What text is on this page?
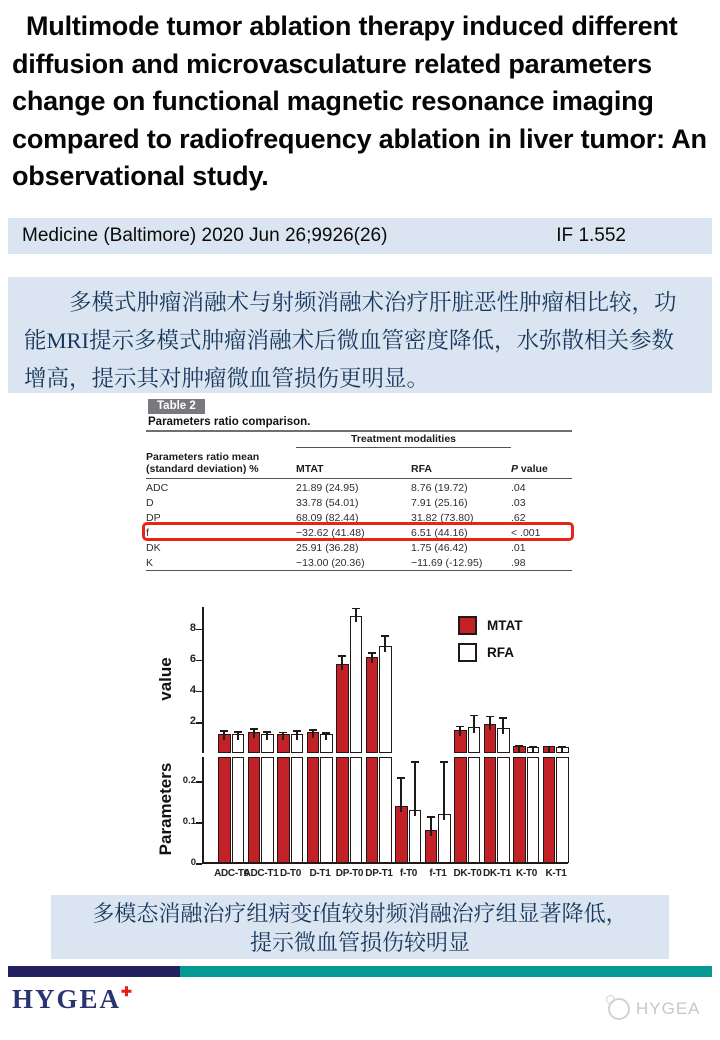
Multimode tumor ablation therapy induced different diffusion and microvasculature related parameters change on functional magnetic resonance imaging compared to radiofrequency ablation in liver tumor: An observational study.
Medicine (Baltimore) 2020 Jun 26;9926(26)	IF 1.552

多模式肿瘤消融术与射频消融术治疗肝脏恶性肿瘤相比较，功能MRI提示多模式肿瘤消融术后微血管密度降低，水弥散相关参数增高，提示其对肿瘤微血管损伤更明显。

Table 2
Parameters ratio comparison.
	Treatment modalities		
Parameters ratio mean (standard deviation) %	MTAT	RFA	P value
ADC	21.89 (24.95)	8.76 (19.72)	.04
D	33.78 (54.01)	7.91 (25.16)	.03
DP	68.09 (82.44)	31.82 (73.80)	.62
f	−32.62 (41.48)	6.51 (44.16)	< .001
DK	25.91 (36.28)	1.75 (46.42)	.01
K	−13.00 (20.36)	−11.69 (-12.95)	.98
MTAT
RFA
2
4
6
8
0
0.1
0.2
value
Parameters
ADC-T0
ADC-T1 D-T0 D-T1 DP-T0 DP-T1 f-T0	f-T1 DK-T0 DK-T1 K-T0 K-T1
多模态消融治疗组病变f值较射频消融治疗组显著降低，
提示微血管损伤较明显
HYGEA✚
HYGEA
